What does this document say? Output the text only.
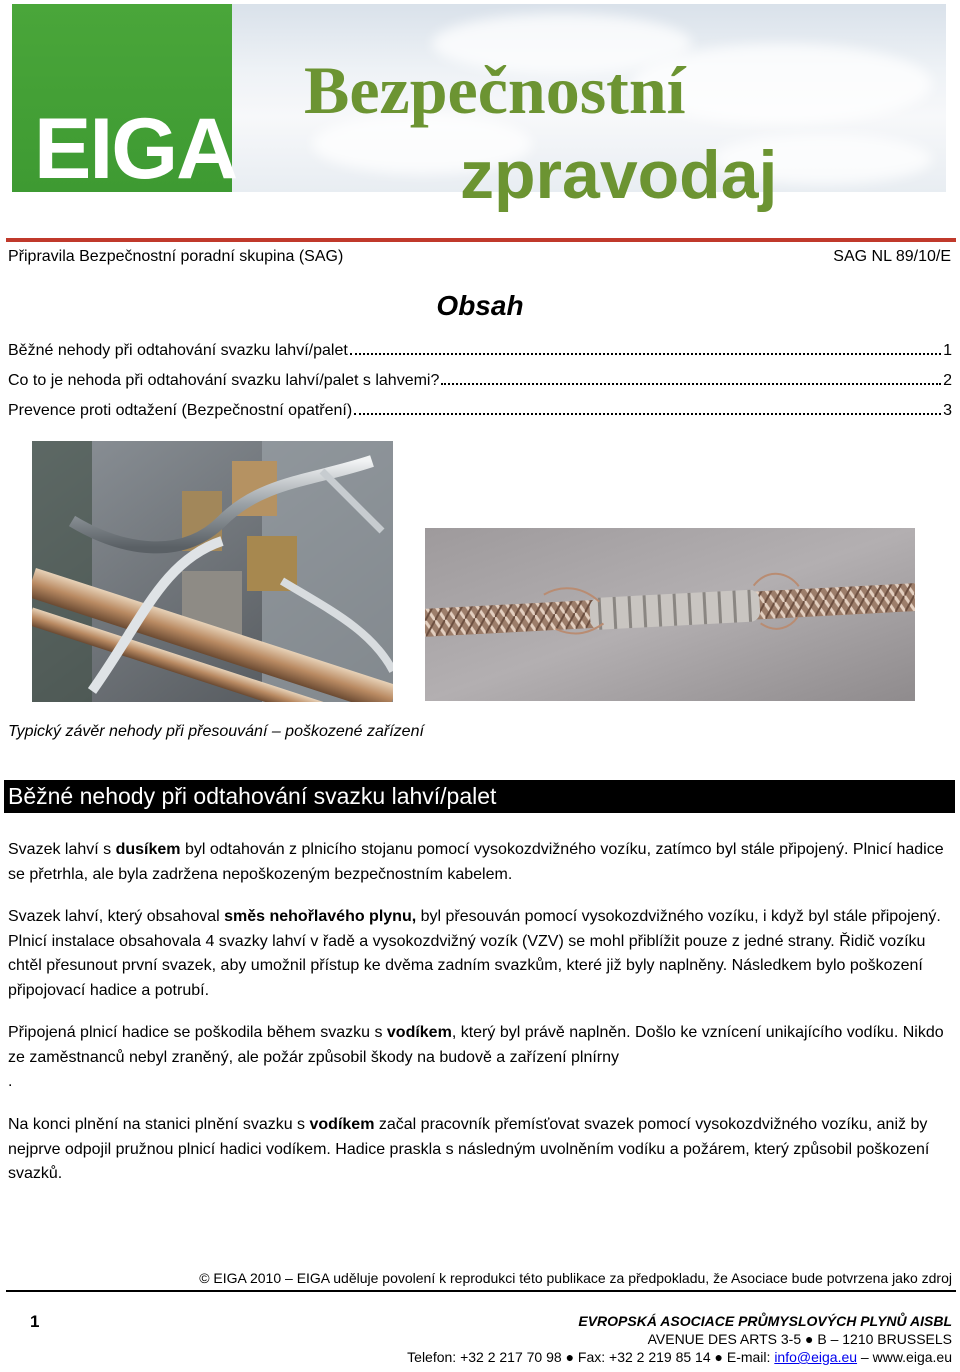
EIGA
Bezpečnostní
zpravodaj
Připravila Bezpečnostní poradní skupina (SAG)	SAG NL 89/10/E
Obsah
Běžné nehody při odtahování svazku lahví/palet	1
Co to je nehoda při odtahování svazku lahví/palet s lahvemi?	2
Prevence proti odtažení (Bezpečnostní opatření)	3
Typický závěr nehody při přesouvání – poškozené zařízení
Běžné nehody při odtahování svazku lahví/palet
Svazek lahví s dusíkem byl odtahován z plnicího stojanu pomocí vysokozdvižného vozíku, zatímco byl stále připojený. Plnicí hadice se přetrhla, ale byla zadržena nepoškozeným bezpečnostním kabelem.
Svazek lahví, který obsahoval směs nehořlavého plynu, byl přesouván pomocí vysokozdvižného vozíku, i když byl stále připojený. Plnicí instalace obsahovala 4 svazky lahví v řadě a vysokozdvižný vozík (VZV) se mohl přiblížit pouze z jedné strany. Řidič vozíku chtěl přesunout první svazek, aby umožnil přístup ke dvěma zadním svazkům, které již byly naplněny. Následkem bylo poškození připojovací hadice a potrubí.
Připojená plnicí hadice se poškodila během svazku s vodíkem, který byl právě naplněn. Došlo ke vznícení unikajícího vodíku. Nikdo ze zaměstnanců nebyl zraněný, ale požár způsobil škody na budově a zařízení plnírny
.
Na konci plnění na stanici plnění svazku s vodíkem začal pracovník přemísťovat svazek pomocí vysokozdvižného vozíku, aniž by nejprve odpojil pružnou plnicí hadici vodíkem. Hadice praskla s následným uvolněním vodíku a požárem, který způsobil poškození svazků.
© EIGA 2010 – EIGA uděluje povolení k reprodukci této publikace za předpokladu, že Asociace bude potvrzena jako zdroj
1	EVROPSKÁ ASOCIACE PRŮMYSLOVÝCH PLYNŮ AISBL
AVENUE DES ARTS 3-5 ● B – 1210 BRUSSELS
Telefon: +32 2 217 70 98 ● Fax: +32 2 219 85 14 ● E-mail: info@eiga.eu – www.eiga.eu
